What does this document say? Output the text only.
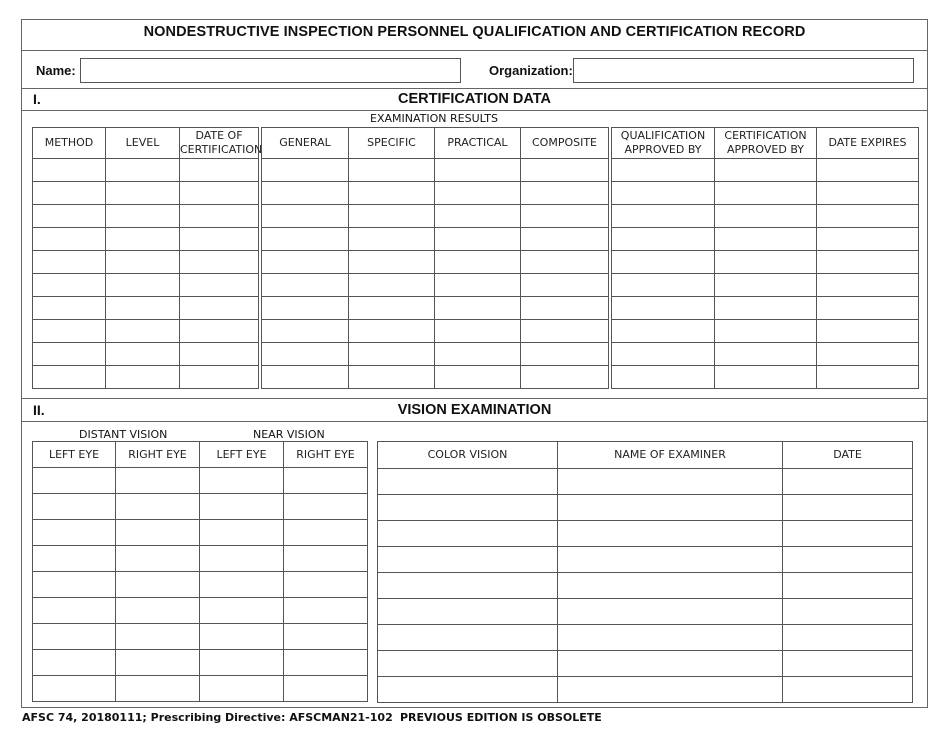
NONDESTRUCTIVE INSPECTION PERSONNEL QUALIFICATION AND CERTIFICATION RECORD
Name:	Organization:
I.	CERTIFICATION DATA
EXAMINATION RESULTS
METHOD	LEVEL	DATE OF CERTIFICATION

GENERAL	SPECIFIC	PRACTICAL	COMPOSITE

QUALIFICATION APPROVED BY	CERTIFICATION APPROVED BY	DATE EXPIRES

II.	VISION EXAMINATION
DISTANT VISION	NEAR VISION
LEFT EYE	RIGHT EYE	LEFT EYE	RIGHT EYE

				COLOR VISION	NAME OF EXAMINER	DATE

AFSC 74, 20180111; Prescribing Directive: AFSCMAN21-102 PREVIOUS EDITION IS OBSOLETE
